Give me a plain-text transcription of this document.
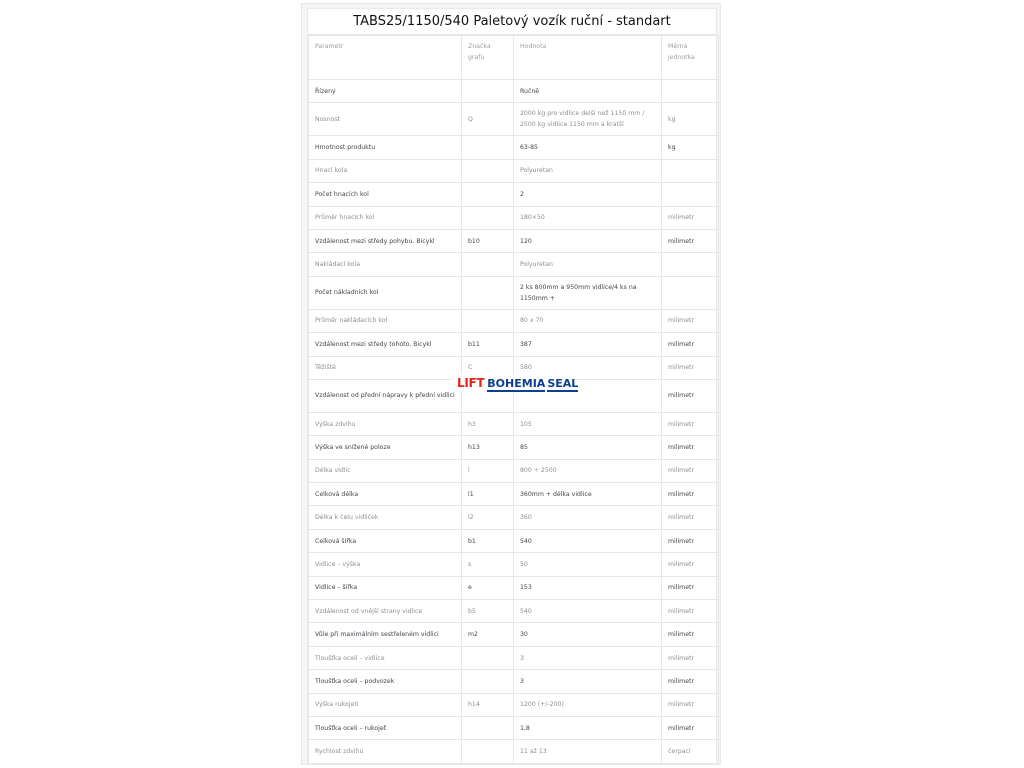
TABS25/1150/540 Paletový vozík ruční - standart
Parametr	Značka grafu	Hodnota	Měrná jednotka
Řízený		Ručně	
Nosnost	Q	2000 kg pro vidlice delší než 1150 mm / 2500 kg vidlica 1150 mm a kratší	kg
Hmotnost produktu		63-85	kg
Hnací kola		Polyuretan	
Počet hnacích kol		2	
Průměr hnacích kol		180×50	milimetr
Vzdálenost mezi středy pohybu. Bicykl	b10	120	milimetr
Nakládací kola		Polyuretan	
Počet nákladních kol		2 ks 800mm a 950mm vidlice/4 ks na 1150mm +	
Průměr nakládacích kol		80 x 70	milimetr
Vzdálenost mezi středy tohoto. Bicykl	b11	387	milimetr
Těžiště	C	580	milimetr
Vzdálenost od přední nápravy k přední vidlici			milimetr
Výška zdvihu	h3	105	milimetr
Výška ve snížené poloze	h13	85	milimetr
Délka vidlic	l	800 ÷ 2500	milimetr
Celková délka	l1	360mm + délka vidlice	milimetr
Délka k čelu vidliček	l2	360	milimetr
Celková šířka	b1	540	milimetr
Vidlice – výška	s	50	milimetr
Vidlice – šířka	e	153	milimetr
Vzdálenost od vnější strany vidlice	b5	540	milimetr
Vůle při maximálním sestřeleném vidlici	m2	30	milimetr
Tloušťka oceli – vidlice		3	milimetr
Tloušťka oceli – podvozek		3	milimetr
Výška rukojeti	h14	1200 (+/-200)	milimetr
Tloušťka oceli – rukojeť		1,8	milimetr
Rychlost zdvihu		11 až 13	čerpací
LIFT BOHEMIA SEAL
